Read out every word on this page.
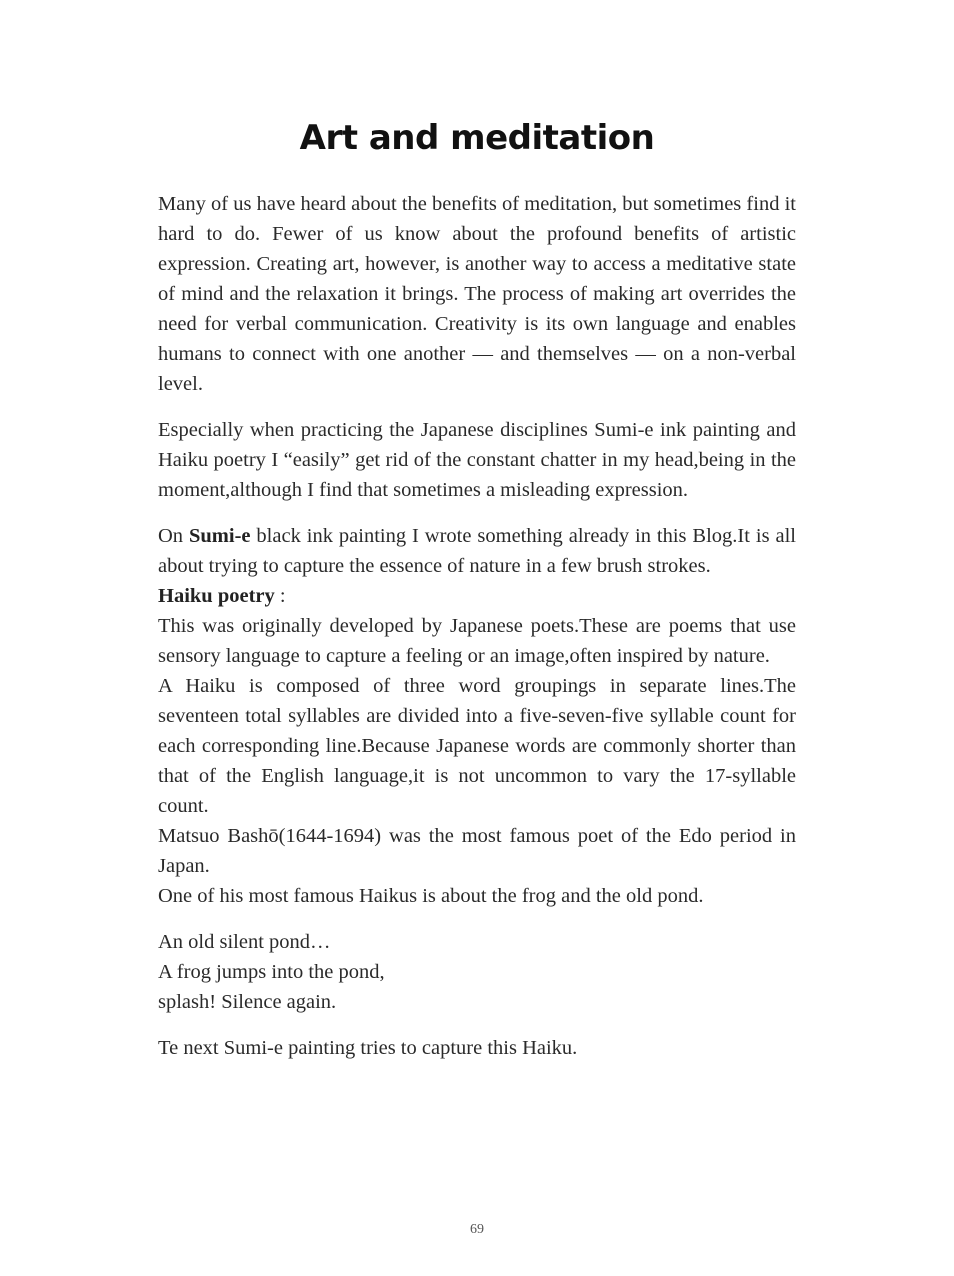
Art and meditation

Many of us have heard about the benefits of meditation, but sometimes find it hard to do. Fewer of us know about the profound benefits of artistic expression. Creating art, however, is another way to access a meditative state of mind and the relaxation it brings. The process of making art overrides the need for verbal communication. Creativity is its own language and enables humans to connect with one another — and themselves — on a non-verbal level.

Especially when practicing the Japanese disciplines Sumi-e ink painting and Haiku poetry I “easily” get rid of the constant chatter in my head,being in the moment,although I find that sometimes a misleading expression.

On Sumi-e black ink painting I wrote something already in this Blog.It is all about trying to capture the essence of nature in a few brush strokes.

Haiku poetry :

This was originally developed by Japanese poets.These are poems that use sensory language to capture a feeling or an image,often inspired by nature.

A Haiku is composed of three word groupings in separate lines.The seventeen total syllables are divided into a five-seven-five syllable count for each corresponding line.Because Japanese words are commonly shorter than that of the English language,it is not uncommon to vary the 17-syllable count.

Matsuo Bashō(1644-1694) was the most famous poet of the Edo period in Japan.

One of his most famous Haikus is about the frog and the old pond.

An old silent pond…
A frog jumps into the pond,
splash! Silence again.

Te next Sumi-e painting tries to capture this Haiku.

69
